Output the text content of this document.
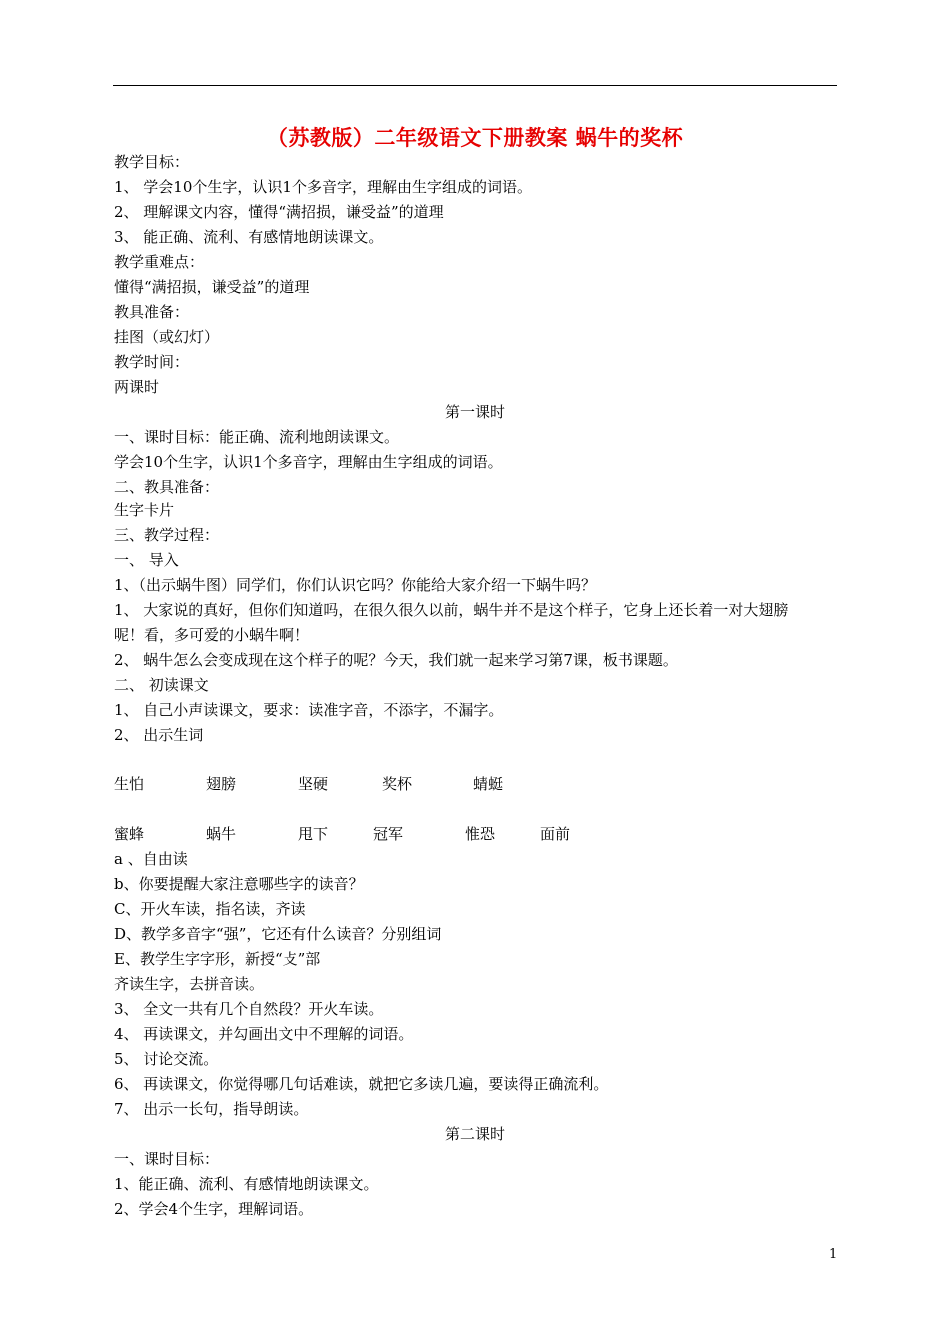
（苏教版）二年级语文下册教案 蜗牛的奖杯
教学目标：
1、 学会10个生字，认识1个多音字，理解由生字组成的词语。
2、 理解课文内容，懂得“满招损，谦受益”的道理
3、 能正确、流利、有感情地朗读课文。
教学重难点：
懂得“满招损，谦受益”的道理
教具准备：
挂图（或幻灯）
教学时间：
两课时
第一课时
一、课时目标：能正确、流利地朗读课文。
学会10个生字，认识1个多音字，理解由生字组成的词语。
二、教具准备：
生字卡片
三、教学过程：
一、 导入
1、（出示蜗牛图）同学们，你们认识它吗？你能给大家介绍一下蜗牛吗？
1、 大家说的真好，但你们知道吗，在很久很久以前，蜗牛并不是这个样子，它身上还长着一对大翅膀
呢！看，多可爱的小蜗牛啊！
2、 蜗牛怎么会变成现在这个样子的呢？今天，我们就一起来学习第7课，板书课题。
二、 初读课文
1、 自己小声读课文，要求：读准字音，不添字，不漏字。
2、 出示生词
生怕	翅膀	坚硬	奖杯	蜻蜓
蜜蜂	蜗牛	甩下	冠军	惟恐	面前
a 、自由读
b、你要提醒大家注意哪些字的读音？
C、开火车读，指名读，齐读
D、教学多音字“强”，它还有什么读音？分别组词
E、教学生字字形，新授“攴”部
齐读生字，去拼音读。
3、 全文一共有几个自然段？开火车读。
4、 再读课文，并勾画出文中不理解的词语。
5、 讨论交流。
6、 再读课文，你觉得哪几句话难读，就把它多读几遍，要读得正确流利。
7、 出示一长句，指导朗读。
第二课时
一、课时目标：
1、能正确、流利、有感情地朗读课文。
2、学会4个生字，理解词语。
1
